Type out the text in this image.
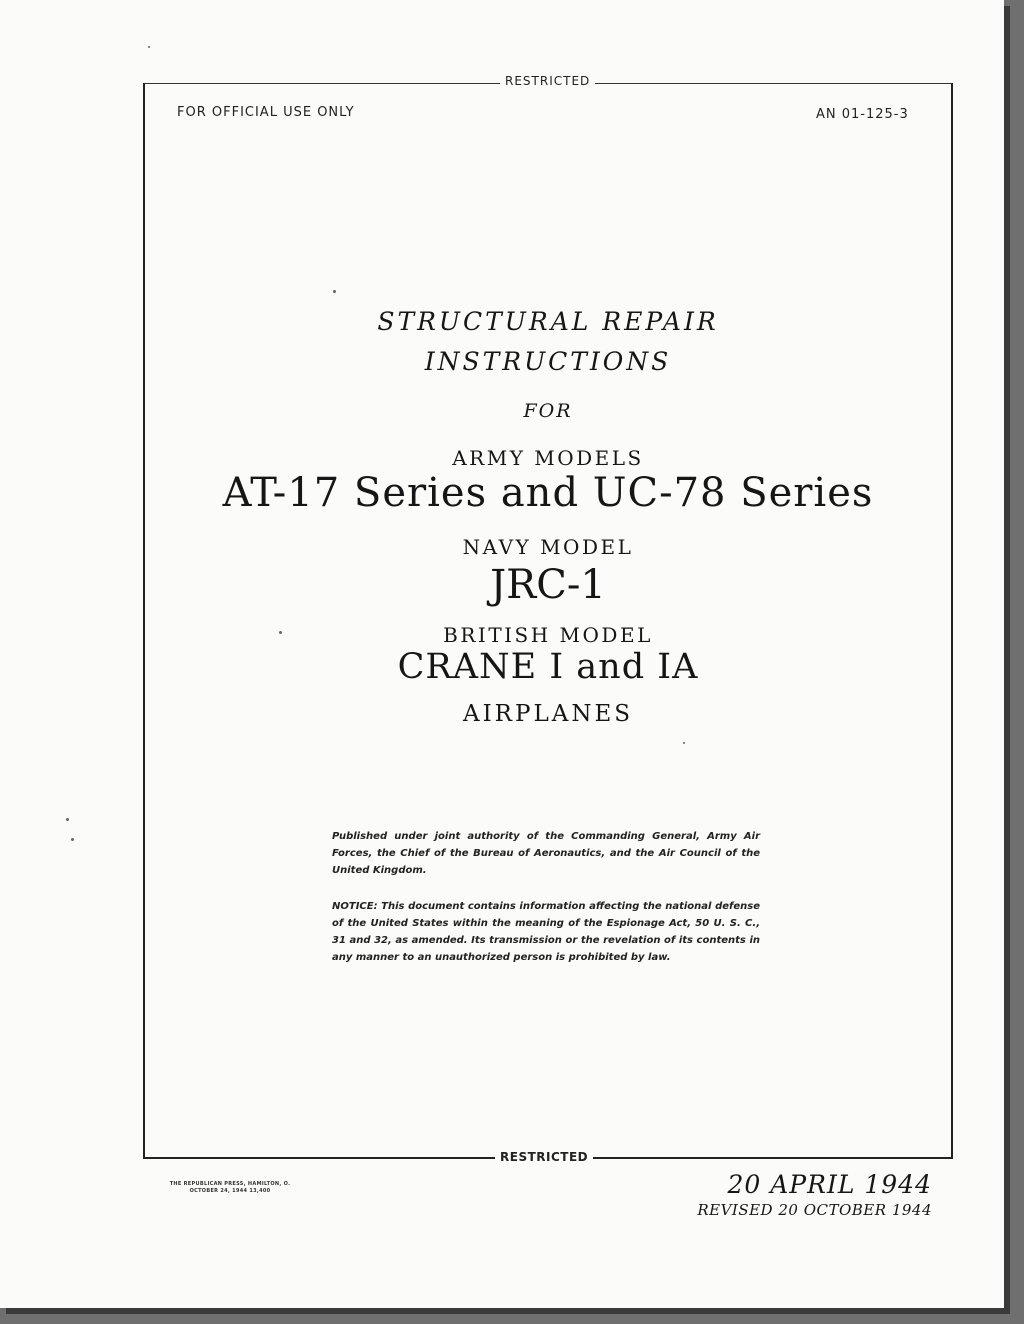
RESTRICTED
FOR OFFICIAL USE ONLY	AN 01-125-3
STRUCTURAL REPAIR
INSTRUCTIONS
FOR
ARMY MODELS
AT-17 Series and UC-78 Series
NAVY MODEL
JRC-1
BRITISH MODEL
CRANE I and IA
AIRPLANES

Published under joint authority of the Commanding General, Army Air Forces, the Chief of the Bureau of Aeronautics, and the Air Council of the United Kingdom.

NOTICE: This document contains information affecting the national defense of the United States within the meaning of the Espionage Act, 50 U. S. C., 31 and 32, as amended. Its transmission or the revelation of its contents in any manner to an unauthorized person is prohibited by law.

RESTRICTED
THE REPUBLICAN PRESS, HAMILTON, O.
OCTOBER 24, 1944 13,400	20 APRIL 1944
REVISED 20 OCTOBER 1944
